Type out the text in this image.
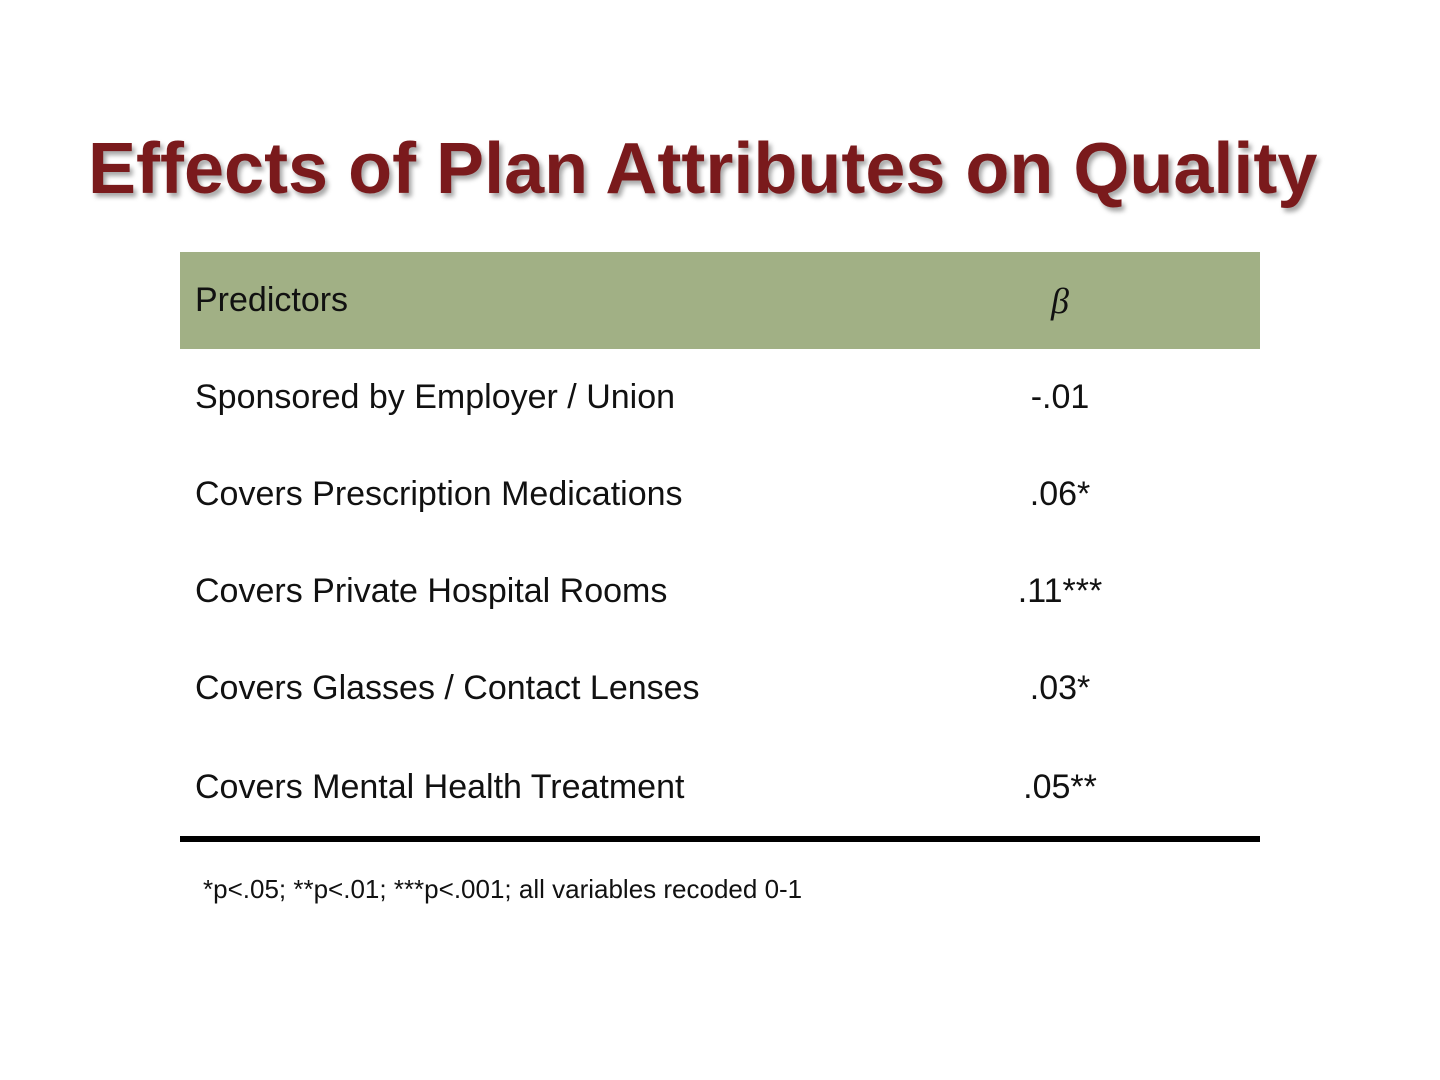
Effects of Plan Attributes on Quality
Predictors	β
Sponsored by Employer / Union	-.01
Covers Prescription Medications	.06*
Covers Private Hospital Rooms	.11***
Covers Glasses / Contact Lenses	.03*
Covers Mental Health Treatment	.05**

*p<.05; **p<.01; ***p<.001; all variables recoded 0-1
